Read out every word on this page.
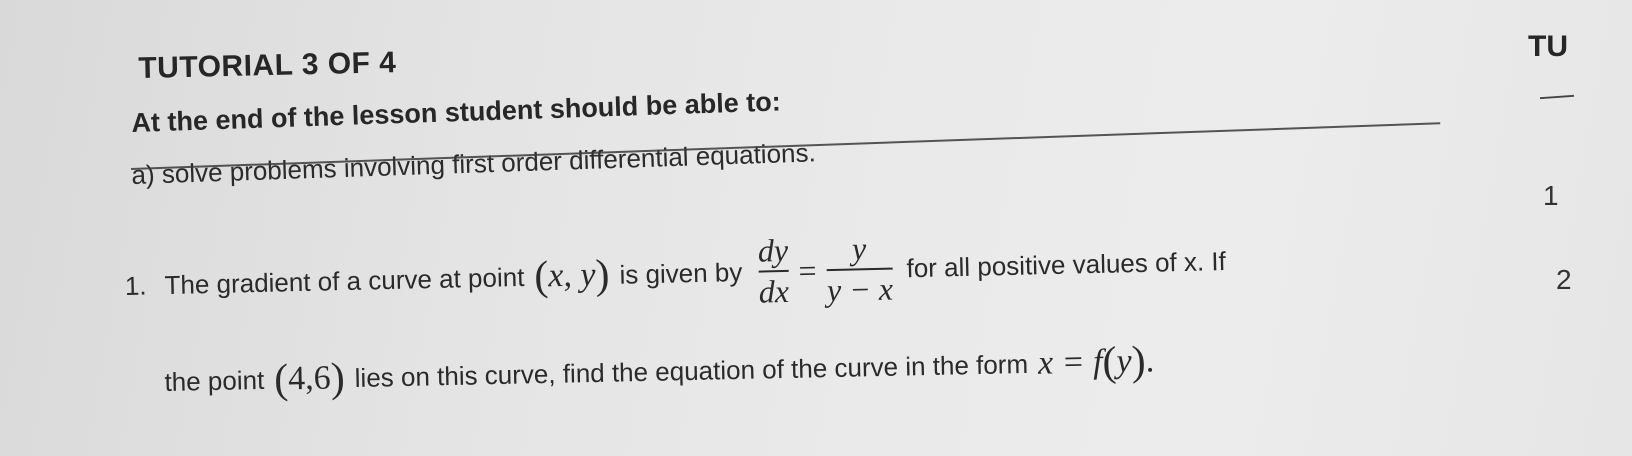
TUTORIAL 3 OF 4
At the end of the lesson student should be able to:
a) solve problems involving first order differential equations.
1. The gradient of a curve at point ( x, y ) is given by $\frac{dy}{dx} = \frac{y}{y - x}$ for all positive values of x. If
the point ( 4,6 ) lies on this curve, find the equation of the curve in the form x = f ( y ) .
TU
1
2
